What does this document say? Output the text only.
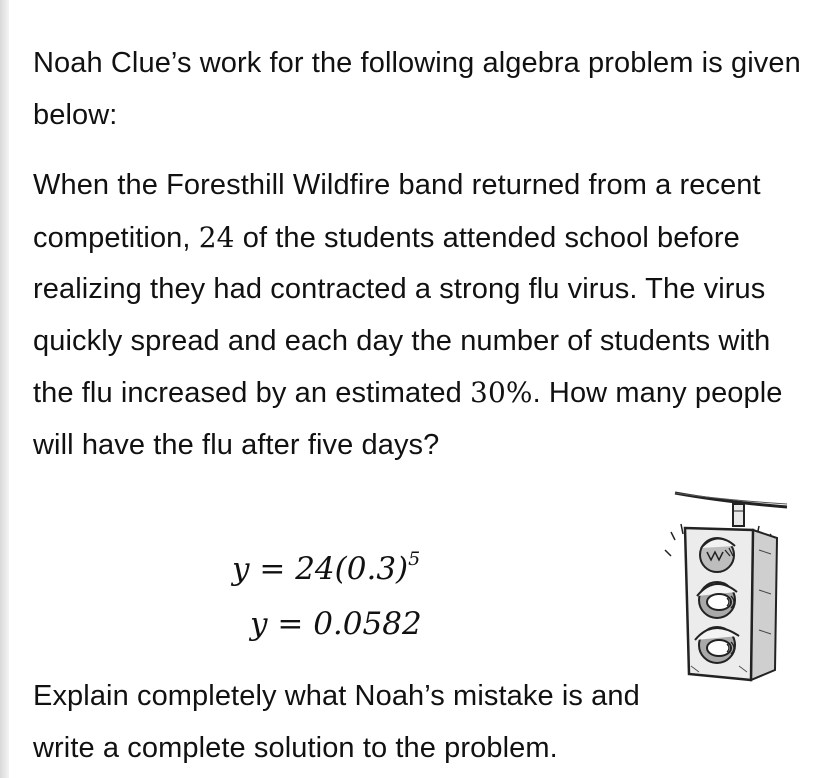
Noah Clue’s work for the following algebra problem is given below:

When the Foresthill Wildfire band returned from a recent competition, 24 of the students attended school before realizing they had contracted a strong flu virus. The virus quickly spread and each day the number of students with the flu increased by an estimated 30%. How many people will have the flu after five days?

$y = 24(0.3)^5$
y = 0.0582

Explain completely what Noah’s mistake is and write a complete solution to the problem.
